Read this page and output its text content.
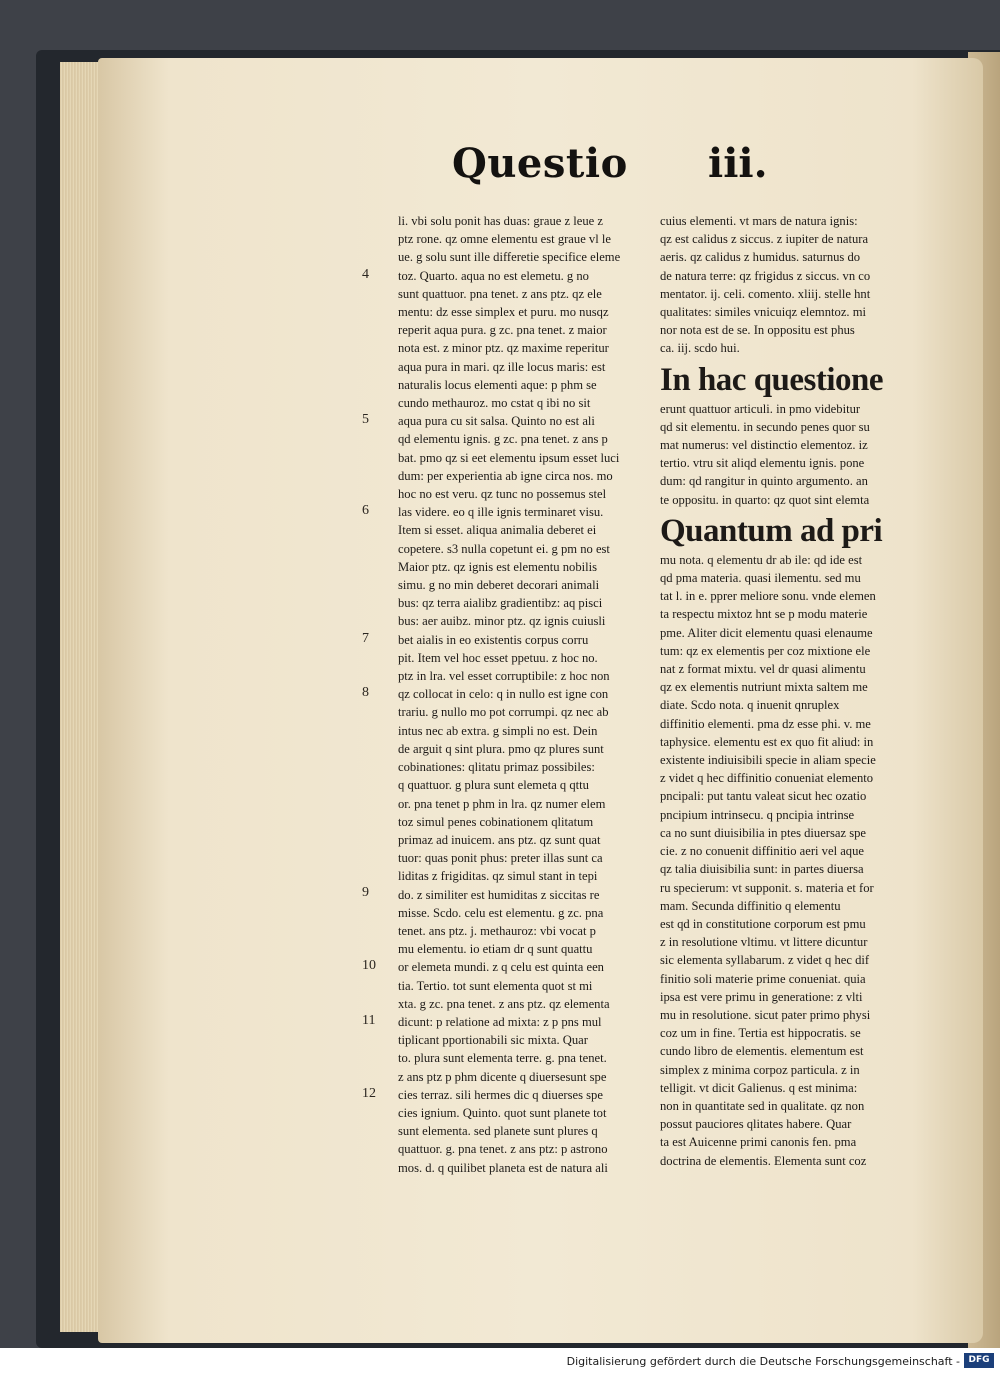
Questio iii.
li. vbi solu ponit has duas: graue z leue z
ptz rone. qz omne elementu est graue vl le
ue. g solu sunt ille differetie specifice eleme
toz. Quarto. aqua no est elemetu. g no
sunt quattuor. pna tenet. z ans ptz. qz ele
mentu: dz esse simplex et puru. mo nusqz
reperit aqua pura. g zc. pna tenet. z maior
nota est. z minor ptz. qz maxime reperitur
aqua pura in mari. qz ille locus maris: est
naturalis locus elementi aque: p phm se
cundo methauroz. mo cstat q ibi no sit
aqua pura cu sit salsa. Quinto no est ali
qd elementu ignis. g zc. pna tenet. z ans p
bat. pmo qz si eet elementu ipsum esset luci
dum: per experientia ab igne circa nos. mo
hoc no est veru. qz tunc no possemus stel
las videre. eo q ille ignis terminaret visu.
Item si esset. aliqua animalia deberet ei
copetere. s3 nulla copetunt ei. g pm no est
Maior ptz. qz ignis est elementu nobilis
simu. g no min deberet decorari animali
bus: qz terra aialibz gradientibz: aq pisci
bus: aer auibz. minor ptz. qz ignis cuiusli
bet aialis in eo existentis corpus corru
pit. Item vel hoc esset ppetuu. z hoc no.
ptz in lra. vel esset corruptibile: z hoc non
qz collocat in celo: q in nullo est igne con
trariu. g nullo mo pot corrumpi. qz nec ab
intus nec ab extra. g simpli no est. Dein
de arguit q sint plura. pmo qz plures sunt
cobinationes: qlitatu primaz possibiles:
q quattuor. g plura sunt elemeta q qttu
or. pna tenet p phm in lra. qz numer elem
toz simul penes cobinationem qlitatum
primaz ad inuicem. ans ptz. qz sunt quat
tuor: quas ponit phus: preter illas sunt ca
liditas z frigiditas. qz simul stant in tepi
do. z similiter est humiditas z siccitas re
misse. Scdo. celu est elementu. g zc. pna
tenet. ans ptz. j. methauroz: vbi vocat p
mu elementu. io etiam dr q sunt quattu
or elemeta mundi. z q celu est quinta een
tia. Tertio. tot sunt elementa quot st mi
xta. g zc. pna tenet. z ans ptz. qz elementa
dicunt: p relatione ad mixta: z p pns mul
tiplicant pportionabili sic mixta. Quar
to. plura sunt elementa terre. g. pna tenet.
z ans ptz p phm dicente q diuersesunt spe
cies terraz. sili hermes dic q diuerses spe
cies ignium. Quinto. quot sunt planete tot
sunt elementa. sed planete sunt plures q
quattuor. g. pna tenet. z ans ptz: p astrono
mos. d. q quilibet planeta est de natura ali
4
5
6
7
8
9
10
11
12
cuius elementi. vt mars de natura ignis:
qz est calidus z siccus. z iupiter de natura
aeris. qz calidus z humidus. saturnus do
de natura terre: qz frigidus z siccus. vn co
mentator. ij. celi. comento. xliij. stelle hnt
qualitates: similes vnicuiqz elemntoz. mi
nor nota est de se. In oppositu est phus
ca. iij. scdo hui.
In hac questione
erunt quattuor articuli. in pmo videbitur
qd sit elementu. in secundo penes quor su
mat numerus: vel distinctio elementoz. iz
tertio. vtru sit aliqd elementu ignis. pone
dum: qd rangitur in quinto argumento. an
te oppositu. in quarto: qz quot sint elemta
Quantum ad pri
mu nota. q elementu dr ab ile: qd ide est
qd pma materia. quasi ilementu. sed mu
tat l. in e. pprer meliore sonu. vnde elemen
ta respectu mixtoz hnt se p modu materie
pme. Aliter dicit elementu quasi elenaume
tum: qz ex elementis per coz mixtione ele
nat z format mixtu. vel dr quasi alimentu
qz ex elementis nutriunt mixta saltem me
diate. Scdo nota. q inuenit qnruplex
diffinitio elementi. pma dz esse phi. v. me
taphysice. elementu est ex quo fit aliud: in
existente indiuisibili specie in aliam specie
z videt q hec diffinitio conueniat elemento
pncipali: put tantu valeat sicut hec ozatio
pncipium intrinsecu. q pncipia intrinse
ca no sunt diuisibilia in ptes diuersaz spe
cie. z no conuenit diffinitio aeri vel aque
qz talia diuisibilia sunt: in partes diuersa
ru specierum: vt supponit. s. materia et for
mam. Secunda diffinitio q elementu
est qd in constitutione corporum est pmu
z in resolutione vltimu. vt littere dicuntur
sic elementa syllabarum. z videt q hec dif
finitio soli materie prime conueniat. quia
ipsa est vere primu in generatione: z vlti
mu in resolutione. sicut pater primo physi
coz um in fine. Tertia est hippocratis. se
cundo libro de elementis. elementum est
simplex z minima corpoz particula. z in
telligit. vt dicit Galienus. q est minima:
non in quantitate sed in qualitate. qz non
possut pauciores qlitates habere. Quar
ta est Auicenne primi canonis fen. pma
doctrina de elementis. Elementa sunt coz
Digitalisierung gefördert durch die Deutsche Forschungsgemeinschaft - DFG
